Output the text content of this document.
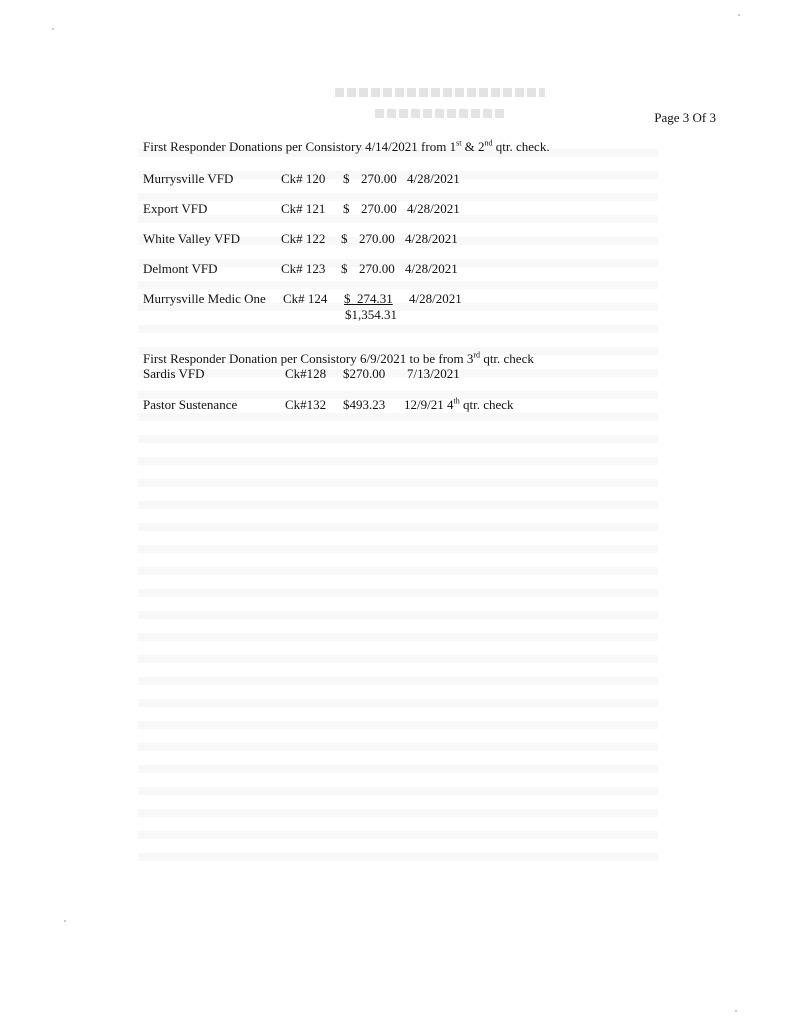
Page 3 Of 3
First Responder Donations per Consistory 4/14/2021 from 1st & 2nd qtr. check.
Murrysville VFD	Ck# 120 $ 270.00 4/28/2021
Export VFD	Ck# 121 $ 270.00 4/28/2021
White Valley VFD	Ck# 122 $ 270.00 4/28/2021
Delmont VFD	Ck# 123 $ 270.00 4/28/2021
Murrysville Medic One Ck# 124 $ 274.31 4/28/2021
$1,354.31
First Responder Donation per Consistory 6/9/2021 to be from 3rd qtr. check
Sardis VFD	Ck#128 $270.00 7/13/2021
Pastor Sustenance	Ck#132 $493.23 12/9/21 4th qtr. check
